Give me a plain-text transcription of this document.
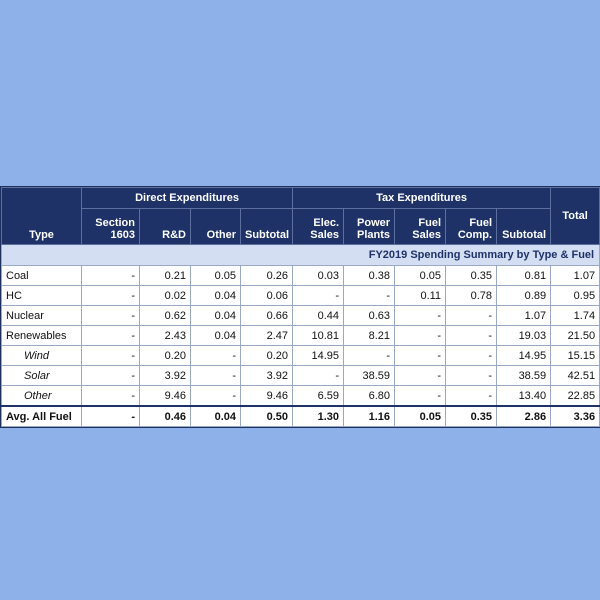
Type	Direct Expenditures				Tax Expenditures					Total
	Section 1603	R&D	Other	Subtotal	Elec. Sales	Power Plants	Fuel Sales	Fuel Comp.	Subtotal	
FY2019 Spending Summary by Type & Fuel										
Coal	-	0.21	0.05	0.26	0.03	0.38	0.05	0.35	0.81	1.07
HC	-	0.02	0.04	0.06	-	-	0.11	0.78	0.89	0.95
Nuclear	-	0.62	0.04	0.66	0.44	0.63	-	-	1.07	1.74
Renewables	-	2.43	0.04	2.47	10.81	8.21	-	-	19.03	21.50
Wind	-	0.20	-	0.20	14.95	-	-	-	14.95	15.15
Solar	-	3.92	-	3.92	-	38.59	-	-	38.59	42.51
Other	-	9.46	-	9.46	6.59	6.80	-	-	13.40	22.85
Avg. All Fuel	-	0.46	0.04	0.50	1.30	1.16	0.05	0.35	2.86	3.36
